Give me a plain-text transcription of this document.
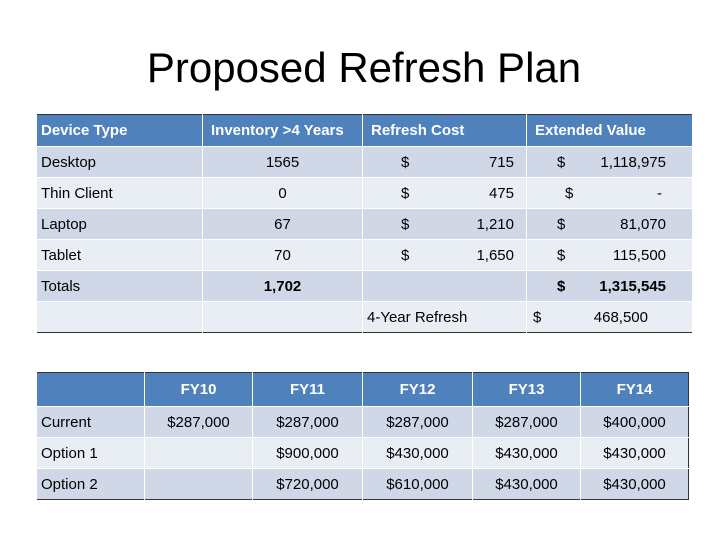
Proposed Refresh Plan
Device Type	Inventory >4 Years	Refresh Cost	Extended Value
Desktop	1565	$ 715	$ 1,118,975

Thin Client	0	$ 475	$ -

Laptop	67	$ 1,210	$ 81,070

Tablet	70	$ 1,650	$ 115,500

Totals	1,702		$ 1,315,545

		4-Year Refresh	$ 468,500
	FY10	FY11	FY12	FY13	FY14
Current	$287,000	$287,000	$287,000	$287,000	$400,000
Option 1		$900,000	$430,000	$430,000	$430,000
Option 2		$720,000	$610,000	$430,000	$430,000
